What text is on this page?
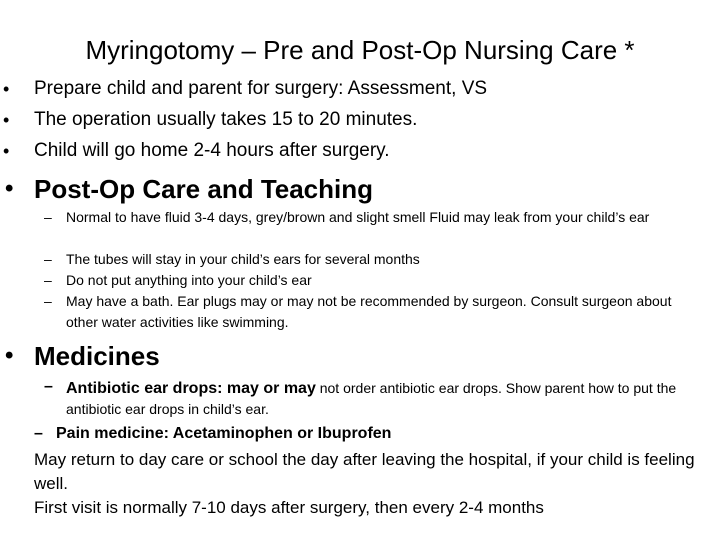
Myringotomy – Pre and Post-Op Nursing Care *
• Prepare child and parent for surgery: Assessment, VS
• The operation usually takes 15 to 20 minutes.
• Child will go home 2-4 hours after surgery.
• Post-Op Care and Teaching
– Normal to have fluid 3-4 days, grey/brown and slight smell Fluid may leak from your child’s ear
– The tubes will stay in your child’s ears for several months
– Do not put anything into your child’s ear
– May have a bath. Ear plugs may or may not be recommended by surgeon. Consult surgeon about other water activities like swimming.
• Medicines
– Antibiotic ear drops: may or may not order antibiotic ear drops. Show parent how to put the antibiotic ear drops in child’s ear.
– Pain medicine: Acetaminophen or Ibuprofen
May return to day care or school the day after leaving the hospital, if your child is feeling well.
First visit is normally 7-10 days after surgery, then every 2-4 months
